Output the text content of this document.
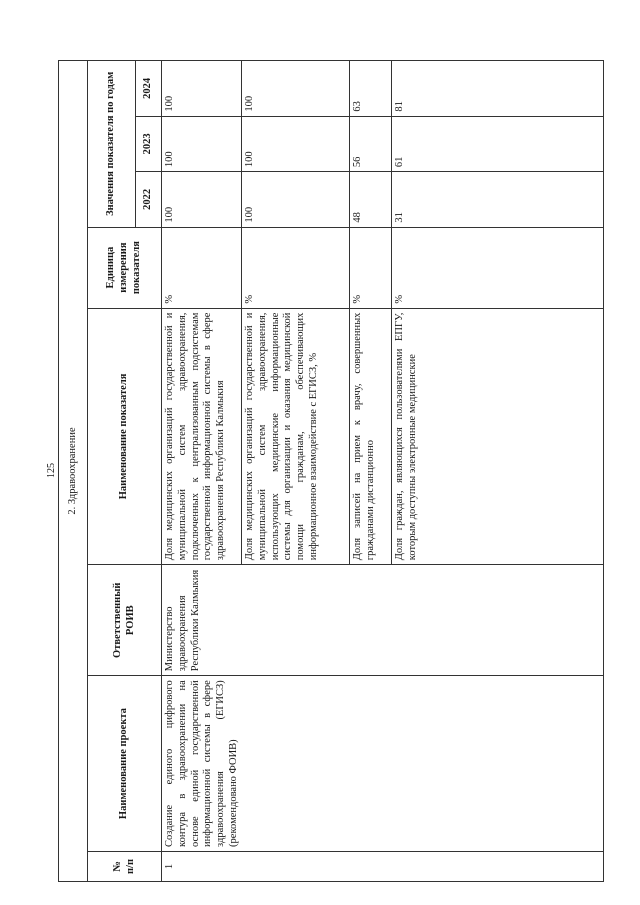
125 2. Здравоохранение							
№ п/п	Наименование проекта	Ответственный РОИВ	Наименование показателя	Единица измерения показателя	Значения показателя по годам		
					2022	2023	2024
1	Создание единого цифрового контура в здравоохранении на основе единой государственной информационной системы в сфере здравоохранения (ЕГИСЗ) (рекомендовано ФОИВ)	Министерство здравоохранения Республики Калмыкия	Доля медицинских организаций государственной и муниципальной систем здравоохранения, подключенных к централизованным подсистемам государственной информационной системы в сфере здравоохранения Республики Калмыкия	%	100	100	100
			Доля медицинских организаций государственной и муниципальной систем здравоохранения, использующих медицинские информационные системы для организации и оказания медицинской помощи гражданам, обеспечивающих информационное взаимодействие с ЕГИСЗ, %	%	100	100	100
			Доля записей на прием к врачу, совершенных гражданами дистанционно	%	48	56	63
			Доля граждан, являющихся пользователями ЕПГУ, которым доступны электронные медицинские	%	31	61	81
